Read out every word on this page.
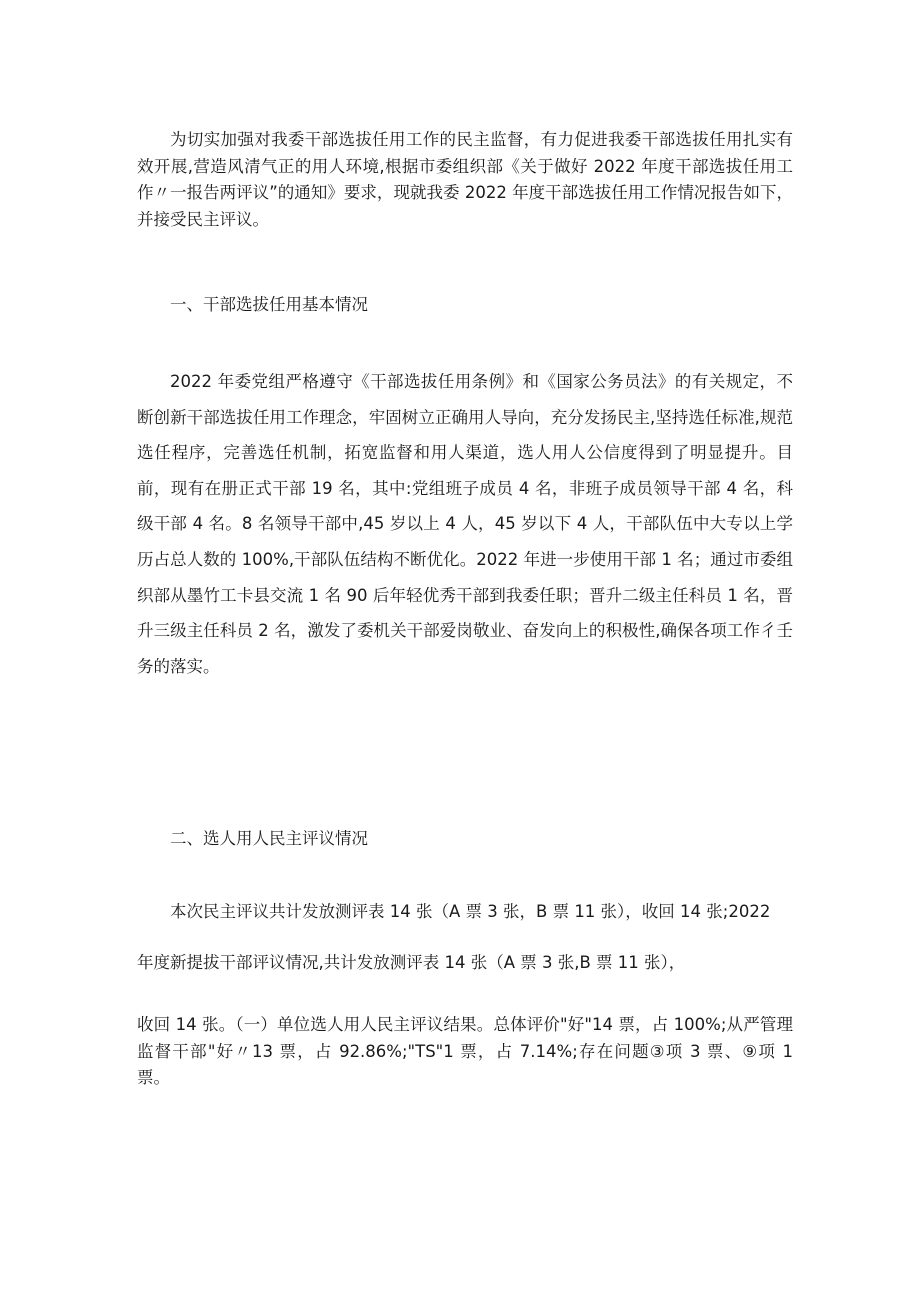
为切实加强对我委干部选拔任用工作的民主监督，有力促进我委干部选拔任用扎实有效开展,营造风清气正的用人环境,根据市委组织部《关于做好 2022 年度干部选拔任用工作〃一报告两评议”的通知》要求，现就我委 2022 年度干部选拔任用工作情况报告如下，并接受民主评议。

一、干部选拔任用基本情况

2022 年委党组严格遵守《干部选拔任用条例》和《国家公务员法》的有关规定，不断创新干部选拔任用工作理念，牢固树立正确用人导向，充分发扬民主,坚持选任标准,规范选任程序，完善选任机制，拓宽监督和用人渠道，选人用人公信度得到了明显提升。目前，现有在册正式干部 19 名，其中:党组班子成员 4 名，非班子成员领导干部 4 名，科级干部 4 名。8 名领导干部中,45 岁以上 4 人，45 岁以下 4 人，干部队伍中大专以上学历占总人数的 100%,干部队伍结构不断优化。2022 年进一步使用干部 1 名；通过市委组织部从墨竹工卡县交流 1 名 90 后年轻优秀干部到我委任职；晋升二级主任科员 1 名，晋升三级主任科员 2 名，激发了委机关干部爱岗敬业、奋发向上的积极性,确保各项工作彳壬务的落实。

二、选人用人民主评议情况

本次民主评议共计发放测评表 14 张（A 票 3 张，B 票 11 张），收回 14 张;2022

年度新提拔干部评议情况,共计发放测评表 14 张（A 票 3 张,B 票 11 张），

收回 14 张。（一）单位选人用人民主评议结果。总体评价"好"14 票，占 100%;从严管理监督干部"好〃13 票，占 92.86%;"TS"1 票，占 7.14%;存在问题③项 3 票、⑨项 1 票。
